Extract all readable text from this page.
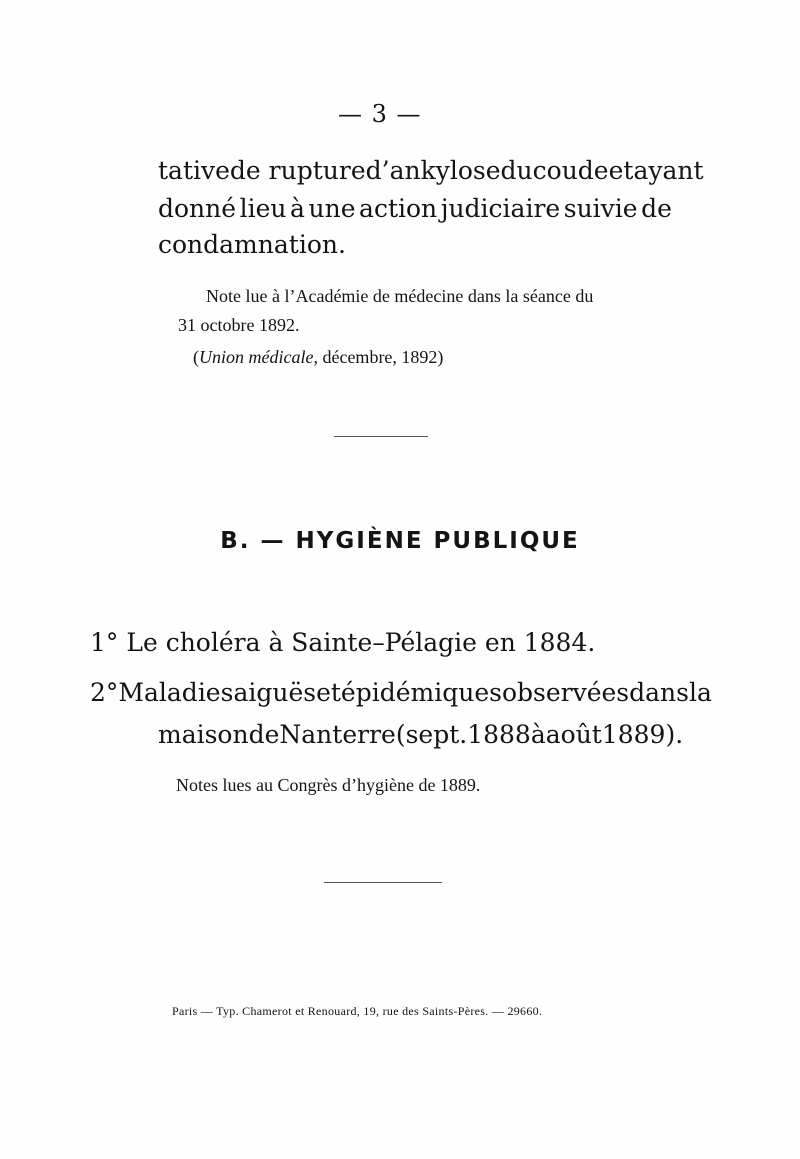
— 3 —
tative de rupture d’ankylose du coude et ayant
donné lieu à une action judiciaire suivie de
condamnation.
Note lue à l’Académie de médecine dans la séance du
31 octobre 1892.
(Union médicale, décembre, 1892)
B. — HYGIÈNE PUBLIQUE
1° Le choléra à Sainte–Pélagie en 1884.
2° Maladies aiguës et épidémiques observées dans la
maison de Nanterre (sept. 1888 à août 1889).
Notes lues au Congrès d’hygiène de 1889.
Paris — Typ. Chamerot et Renouard, 19, rue des Saints-Pères. — 29660.
